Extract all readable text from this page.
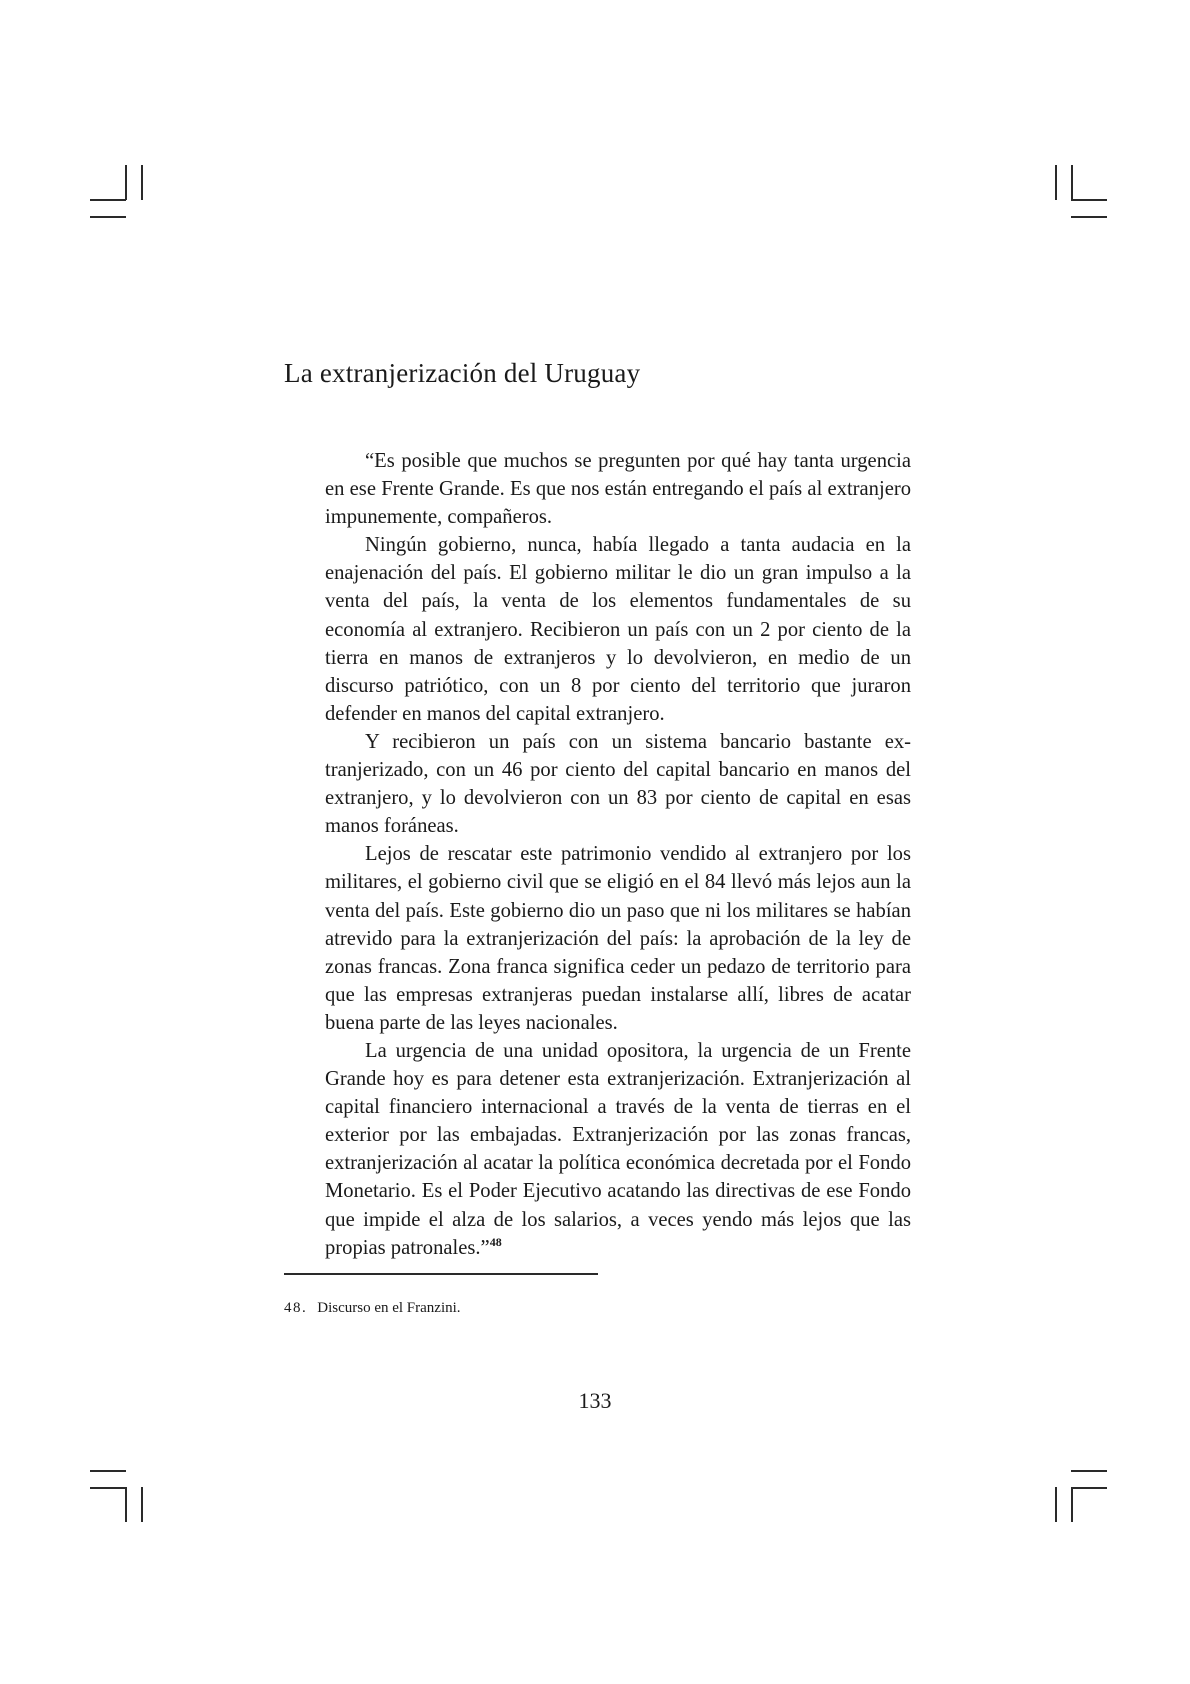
La extranjerización del Uruguay

“Es posible que muchos se pregunten por qué hay tanta urgencia en ese Frente Grande. Es que nos están entregando el país al extranjero impunemente, compañeros.

Ningún gobierno, nunca, había llegado a tanta audacia en la enajenación del país. El gobierno militar le dio un gran impulso a la venta del país, la venta de los elementos fundamentales de su economía al extranjero. Recibieron un país con un 2 por ciento de la tierra en manos de extranjeros y lo devolvieron, en medio de un discurso patriótico, con un 8 por ciento del territorio que juraron defender en manos del capital extranjero.

Y recibieron un país con un sistema bancario bastante extranjerizado, con un 46 por ciento del capital bancario en manos del extranjero, y lo devolvieron con un 83 por ciento de capital en esas manos foráneas.

Lejos de rescatar este patrimonio vendido al extranjero por los militares, el gobierno civil que se eligió en el 84 llevó más lejos aun la venta del país. Este gobierno dio un paso que ni los militares se habían atrevido para la extranjerización del país: la aprobación de la ley de zonas francas. Zona franca significa ceder un pedazo de territorio para que las empresas extranjeras puedan instalarse allí, libres de acatar buena parte de las leyes nacionales.

La urgencia de una unidad opositora, la urgencia de un Frente Grande hoy es para detener esta extranjerización. Extranjerización al capital financiero internacional a través de la venta de tierras en el exterior por las embajadas. Extranjerización por las zonas francas, extranjerización al acatar la política económica decretada por el Fondo Monetario. Es el Poder Ejecutivo acatando las directivas de ese Fondo que impide el alza de los salarios, a veces yendo más lejos que las propias patronales.”$^{48}$

48. Discurso en el Franzini.
133
